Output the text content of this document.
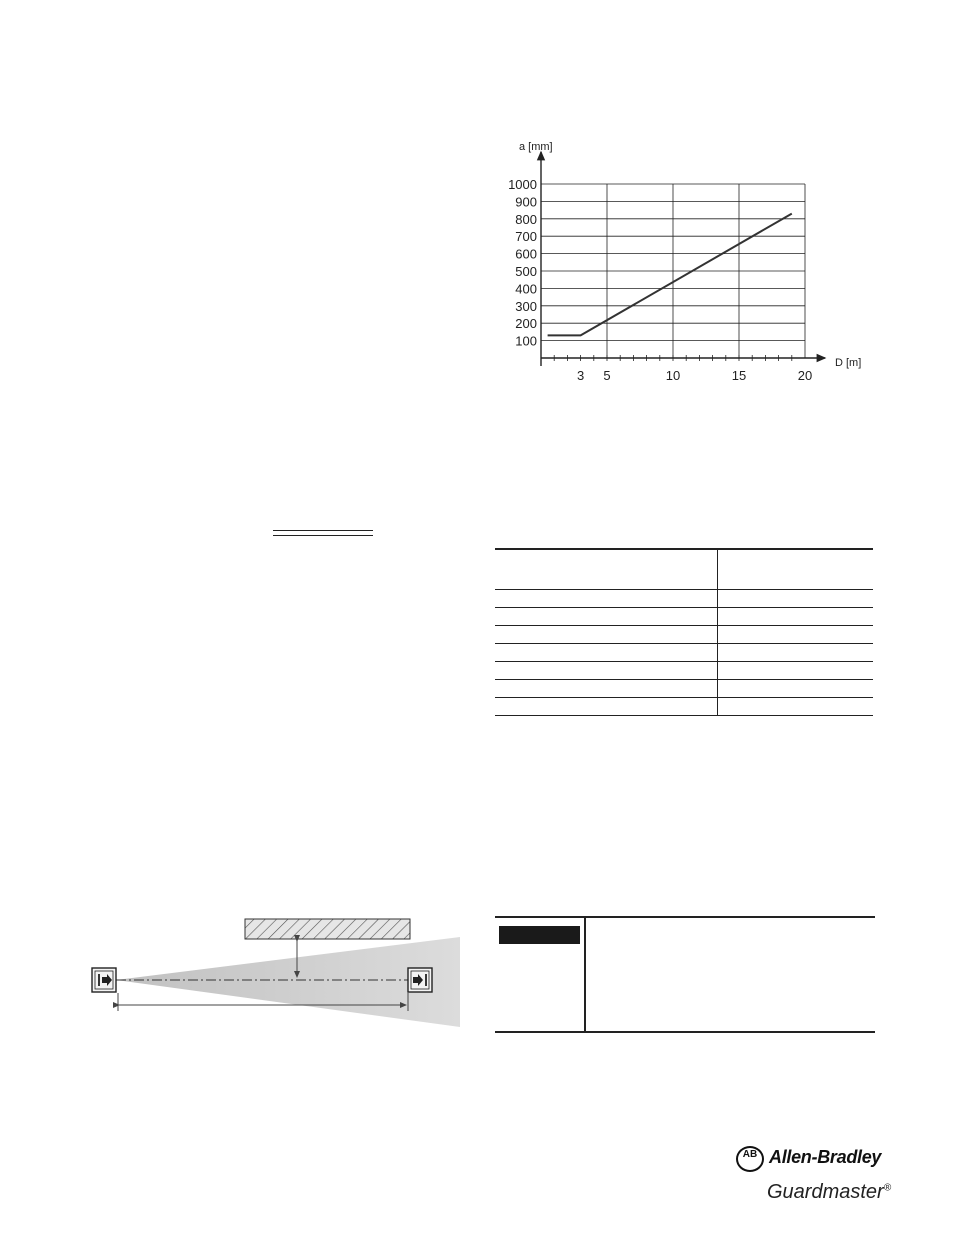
100
200
300
400
500
600
700
800
900
1000
3 5	10	15	20
a [mm]
D [m]

AB Allen-Bradley
Guardmaster®
